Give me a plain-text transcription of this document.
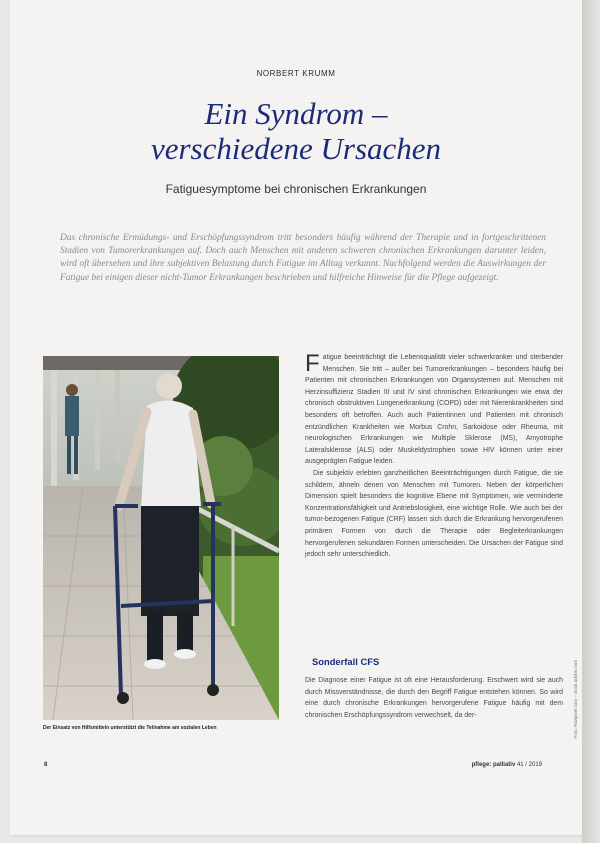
NORBERT KRUMM
Ein Syndrom –
verschiedene Ursachen
Fatiguesymptome bei chronischen Erkrankungen

Das chronische Ermüdungs- und Erschöpfungssyndrom tritt besonders häufig während der Therapie und in fortgeschrittenen Stadien von Tumorerkrankungen auf. Doch auch Menschen mit anderen schweren chronischen Erkrankungen darunter leiden, wird oft übersehen und ihre subjektiven Belastung durch Fatigue im Alltag verkannt. Nachfolgend werden die Auswirkungen der Fatigue bei einigen dieser nicht-Tumor Erkrankungen beschrieben und hilfreiche Hinweise für die Pflege aufgezeigt.

Der Einsatz von Hilfsmitteln unterstützt die Teilnahme am sozialen Leben

Fatigue beeinträchtigt die Lebensqualität vieler schwerkranker und sterbender Menschen. Sie tritt – außer bei Tumorerkrankungen – besonders häufig bei Patienten mit chronischen Erkrankungen von Organsystemen auf. Menschen mit Herzinsuffizienz Stadien III und IV sind chronischen Erkrankungen wie etwa der chronisch obstruktiven Lungenerkrankung (COPD) oder mit Nierenkrankheiten sind besonders oft betroffen. Auch auch Patientinnen und Patienten mit chronisch entzündlichen Krankheiten wie Morbus Crohn, Sarkoidose oder Rheuma, mit neurologischen Erkrankungen wie Multiple Sklerose (MS), Amyotrophe Lateralsklerose (ALS) oder Muskeldystrophien sowie HIV können unter einer ausgeprägten Fatigue leiden.

Die subjektiv erlebten ganzheitlichen Beeinträchtigungen durch Fatigue, die sie schildern, ähneln denen von Menschen mit Tumoren. Neben der körperlichen Dimension spielt besonders die kognitive Ebene mit Symptomen, wie verminderte Konzentrationsfähigkeit und Antriebslosigkeit, eine wichtige Rolle. Wie auch bei der tumor-bezogenen Fatigue (CRF) lassen sich durch die Erkrankung hervorgerufenen primären Formen von durch die Therapie oder Begleiterkrankungen hervorgerufenen sekundären Formen unterscheiden. Die Ursachen der Fatigue sind jedoch sehr unterschiedlich.

Sonderfall CFS

Die Diagnose einer Fatigue ist oft eine Herausforderung. Erschwert wird sie auch durch Missverständnisse, die durch den Begriff Fatigue entstehen können. So wird eine durch chronische Erkrankungen hervorgerufene Fatigue häufig mit dem chronischen Erschöpfungssyndrom verwechselt, da der-

8	pflege: palliativ 41 / 2019
Foto: Rawpixel.com – stock.adobe.com
